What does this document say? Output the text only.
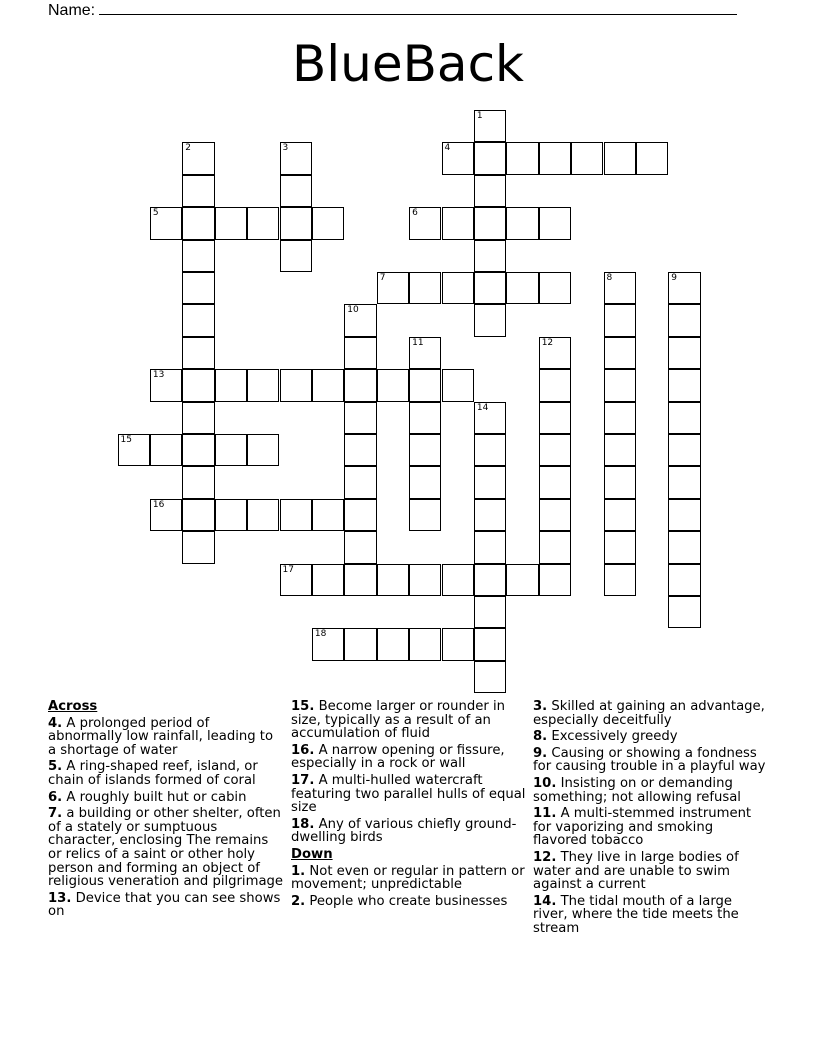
Name:
BlueBack
1
2	3	4
5	6
7	8	9
10
11	12
13
14
15
16
17
18
Across
4. A prolonged period of abnormally low rainfall, leading to a shortage of water
5. A ring-shaped reef, island, or chain of islands formed of coral
6. A roughly built hut or cabin
7. a building or other shelter, often of a stately or sumptuous character, enclosing The remains or relics of a saint or other holy person and forming an object of religious veneration and pilgrimage
13. Device that you can see shows on
15. Become larger or rounder in size, typically as a result of an accumulation of fluid
16. A narrow opening or fissure, especially in a rock or wall
17. A multi-hulled watercraft featuring two parallel hulls of equal size
18. Any of various chiefly ground-dwelling birds
Down
1. Not even or regular in pattern or movement; unpredictable
2. People who create businesses
3. Skilled at gaining an advantage, especially deceitfully
8. Excessively greedy
9. Causing or showing a fondness for causing trouble in a playful way
10. Insisting on or demanding something; not allowing refusal
11. A multi-stemmed instrument for vaporizing and smoking flavored tobacco
12. They live in large bodies of water and are unable to swim against a current
14. The tidal mouth of a large river, where the tide meets the stream
